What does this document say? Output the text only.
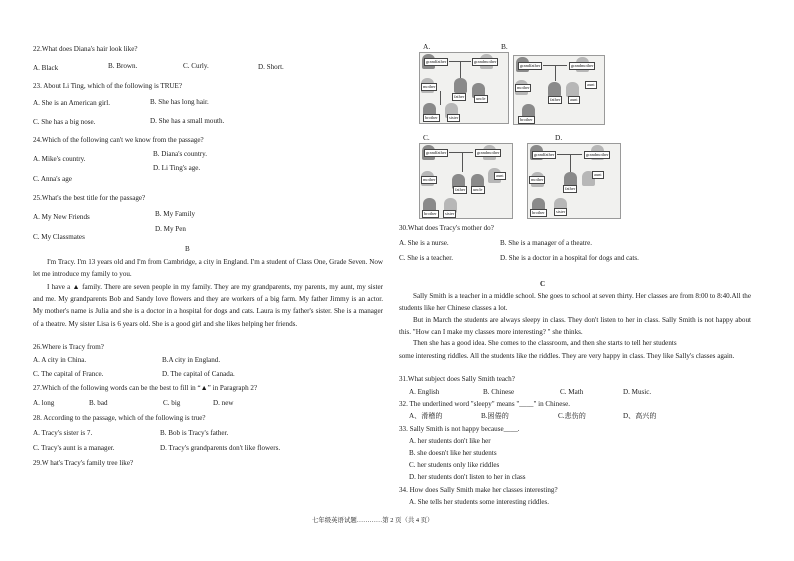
22.What does Diana's hair look like?
A. Black	B. Brown.	C. Curly.	D. Short.
23. About Li Ting, which of the following is TRUE?
A. She is an American girl.	B. She has long hair.
C. She has a big nose.	D. She has a small mouth.
24.Which of the following can't we know from the passage?
A. Mike's country.
B. Diana's country.
C. Anna's age
D. Li Ting's age.
25.What's the best title for the passage?
A. My New Friends	B. My Family
C. My Classmates
D. My Pen
B
I'm Tracy. I'm 13 years old and I'm from Cambridge, a city in England. I'm a student of Class One, Grade Seven. Now let me introduce my family to you.
I have a ▲ family. There are seven people in my family. They are my grandparents, my parents, my aunt, my sister and me. My grandparents Bob and Sandy love flowers and they are workers of a big farm. My father Jimmy is an actor. My mother's name is Julia and she is a doctor in a hospital for dogs and cats. Laura is my father's sister. She is a manager of a theatre. My sister Lisa is 6 years old. She is a good girl and she likes helping her friends.
26.Where is Tracy from?
A. A city in China.	B.A city in England.
C. The capital of France.	D. The capital of Canada.
27.Which of the following words can be the best to fill in “▲” in Paragraph 2?
A. long	B. bad	C. big	D. new
28. According to the passage, which of the following is true?
A. Tracy's sister is 7.	B. Bob is Tracy's father.
C. Tracy's aunt is a manager.	D. Tracy's grandparents don't like flowers.
29.W hat's Tracy's family tree like?
A.
grandfather	grandmother
mother
father	uncle
brother	sister
B.
grandfather	grandmother
mother
father	aunt
aunt
brother
C.
grandfather	grandmother
mother
father	uncle
aunt
brother	sister
D.
grandfather	grandmother
mother
father
aunt
brother	sister
30.What does Tracy's mother do?
A. She is a nurse.	B. She is a manager of a theatre.
C. She is a teacher.	D. She is a doctor in a hospital for dogs and cats.
C
Sally Smith is a teacher in a middle school. She goes to school at seven thirty. Her classes are from 8:00 to 8:40.All the students like her Chinese classes a lot.
But in March the students are always sleepy in class. They don't listen to her in class. Sally Smith is not happy about this. "How can I make my classes more interesting? " she thinks.
Then she has a good idea. She comes to the classroom, and then she starts to tell her students
some interesting riddles. All the students like the riddles. They are very happy in class. They like Sally's classes again.
31.What subject does Sally Smith teach?
A. English	B. Chinese	C. Math	D. Music.
32. The underlined word "sleepy" means "____" in Chinese.
A、滑稽的	B.困倦的	C.悲伤的	D、高兴的
33. Sally Smith is not happy because____.
A. her students don't like her
B. she doesn't like her students
C. her students only like riddles
D. her students don't listen to her in class
34. How does Sally Smith make her classes interesting?
A. She tells her students some interesting riddles.
七年级英语试题…………第 2 页（共 4 页）
